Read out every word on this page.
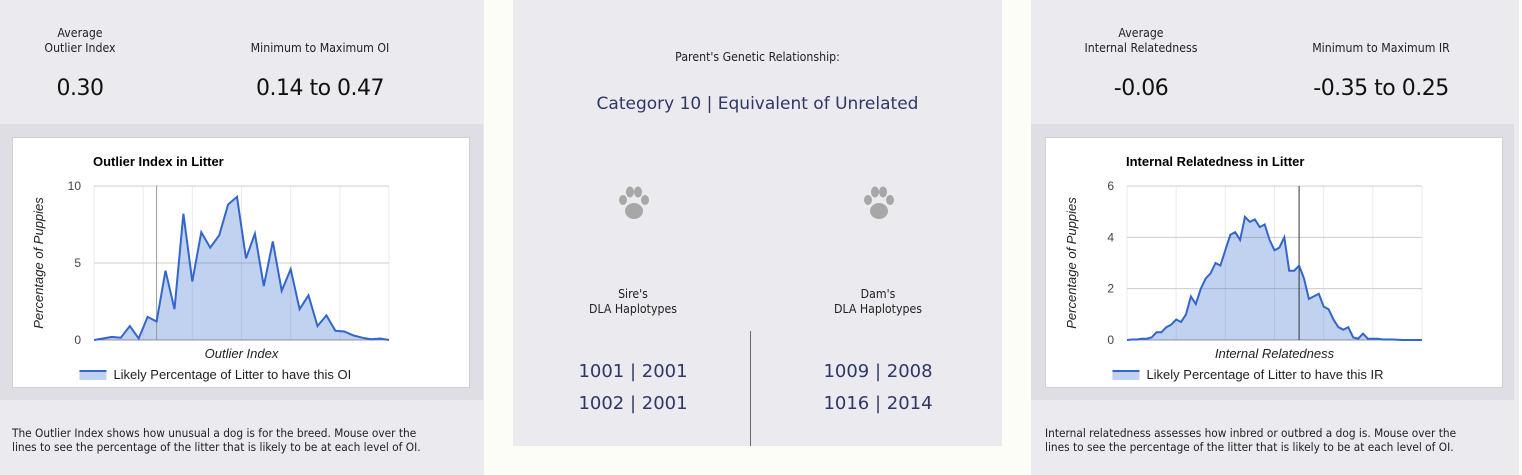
Average
Outlier Index
0.30
Minimum to Maximum OI
0.14 to 0.47
Outlier Index in Litter
0
5
10
Percentage of Puppies
Outlier Index
Likely Percentage of Litter to have this OI
The Outlier Index shows how unusual a dog is for the breed. Mouse over the lines to see the percentage of the litter that is likely to be at each level of OI.
Parent's Genetic Relationship:
Category 10 | Equivalent of Unrelated
Sire's
DLA Haplotypes
Dam's
DLA Haplotypes
1001 | 2001
1002 | 2001
1009 | 2008
1016 | 2014
Average
Internal Relatedness
-0.06
Minimum to Maximum IR
-0.35 to 0.25
Internal Relatedness in Litter
0
2
4
6
Percentage of Puppies
Internal Relatedness
Likely Percentage of Litter to have this IR
Internal relatedness assesses how inbred or outbred a dog is. Mouse over the lines to see the percentage of the litter that is likely to be at each level of OI.
